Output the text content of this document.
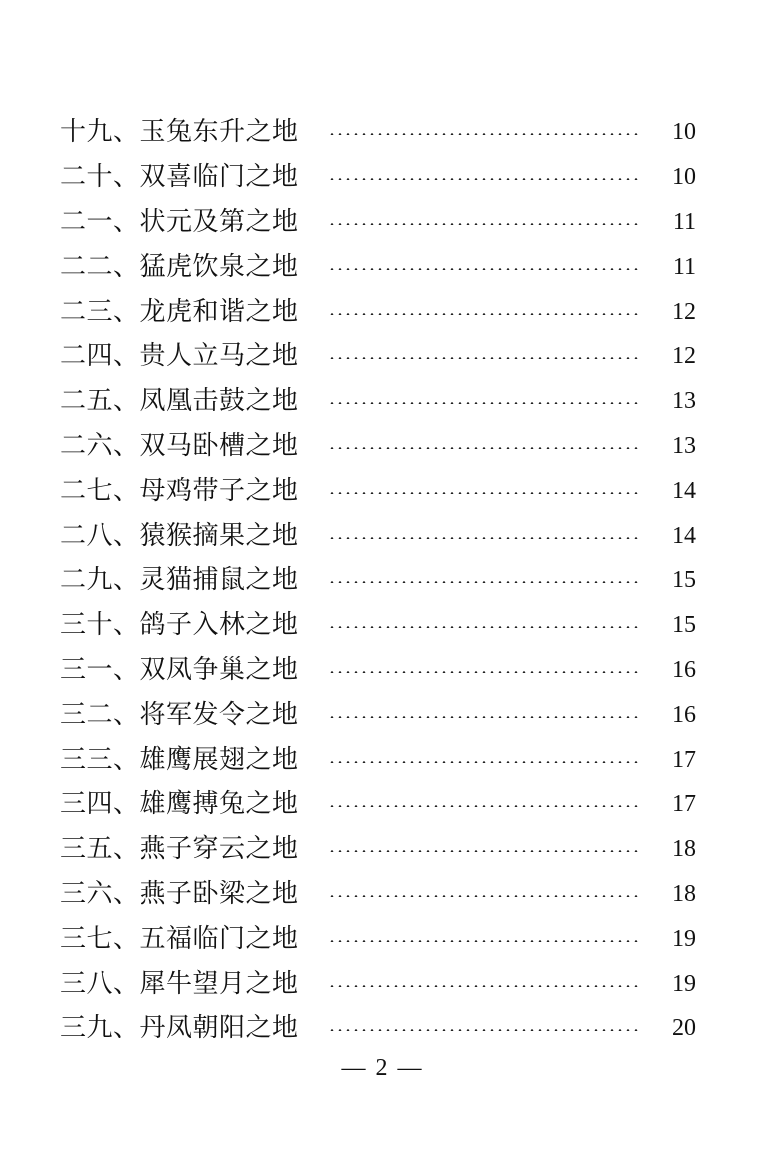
十九、玉兔东升之地	10
二十、双喜临门之地	10
二一、状元及第之地	11
二二、猛虎饮泉之地	11
二三、龙虎和谐之地	12
二四、贵人立马之地	12
二五、凤凰击鼓之地	13
二六、双马卧槽之地	13
二七、母鸡带子之地	14
二八、猿猴摘果之地	14
二九、灵猫捕鼠之地	15
三十、鸽子入林之地	15
三一、双凤争巢之地	16
三二、将军发令之地	16
三三、雄鹰展翅之地	17
三四、雄鹰搏兔之地	17
三五、燕子穿云之地	18
三六、燕子卧梁之地	18
三七、五福临门之地	19
三八、犀牛望月之地	19
三九、丹凤朝阳之地	20
— 2 —
